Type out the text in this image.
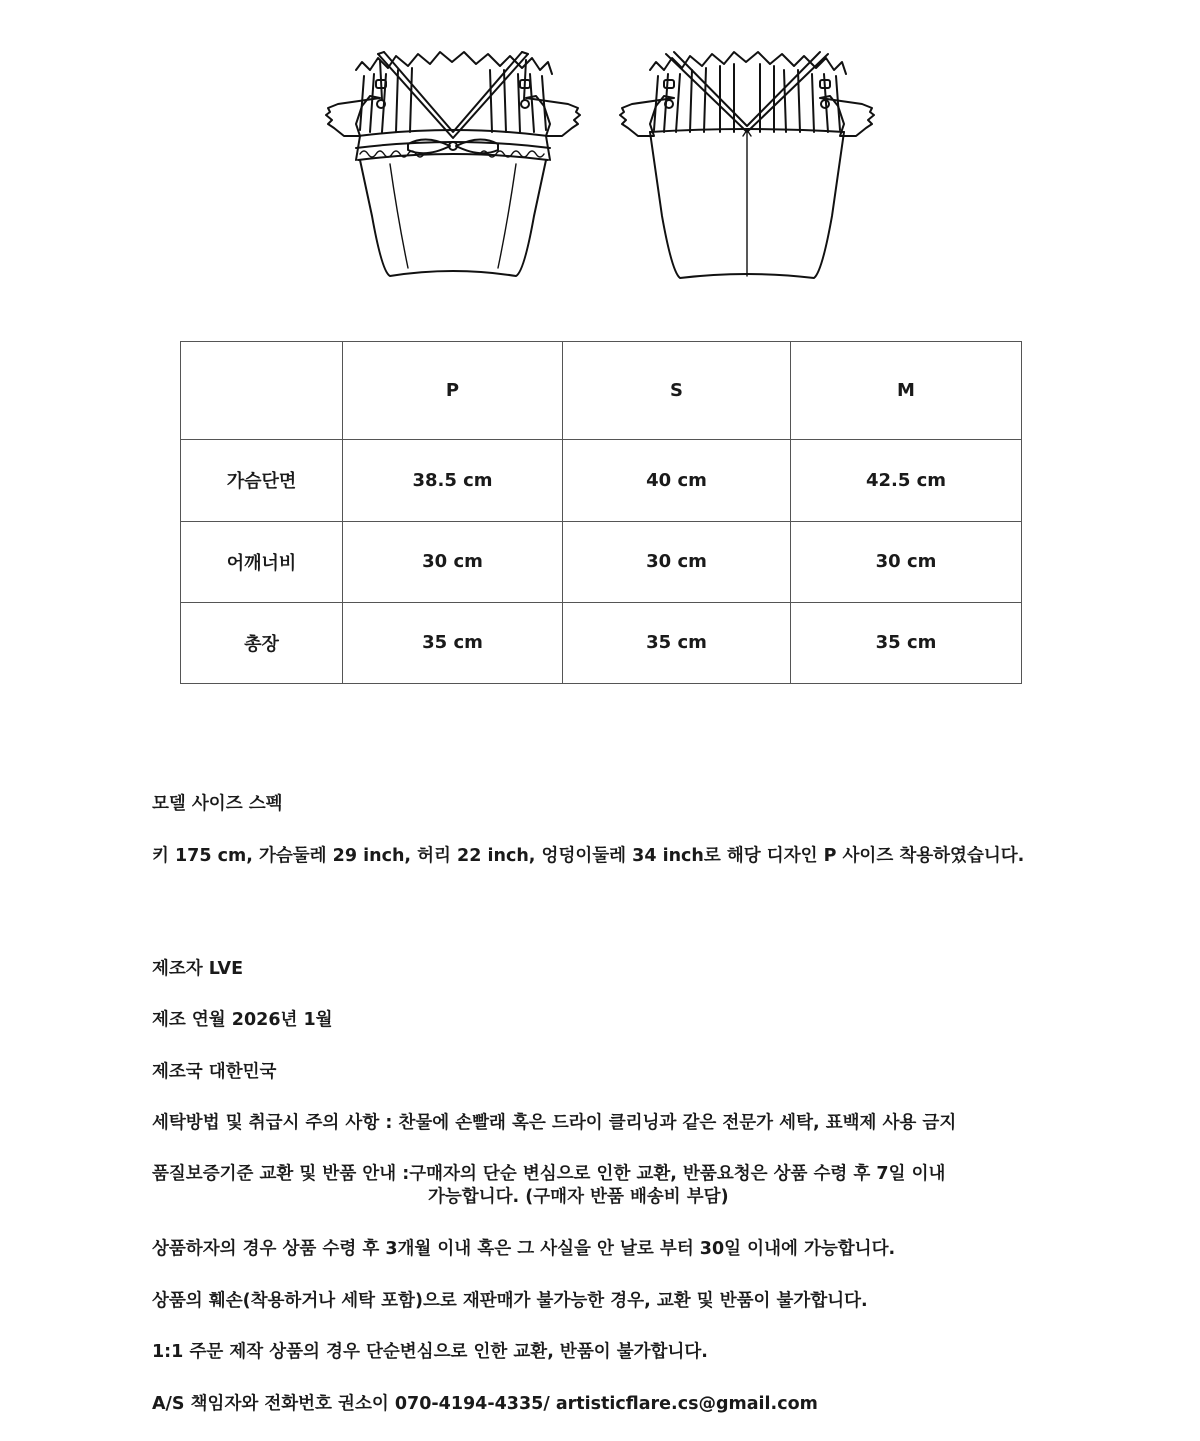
	P	S	M
가슴단면	38.5 cm	40 cm	42.5 cm
어깨너비	30 cm	30 cm	30 cm
총장	35 cm	35 cm	35 cm
모델 사이즈 스펙
키 175 cm, 가슴둘레 29 inch, 허리 22 inch, 엉덩이둘레 34 inch로 해당 디자인 P 사이즈 착용하였습니다.
제조자 LVE
제조 연월 2026년 1월
제조국 대한민국
세탁방법 및 취급시 주의 사항 : 찬물에 손빨래 혹은 드라이 클리닝과 같은 전문가 세탁, 표백제 사용 금지
품질보증기준 교환 및 반품 안내 :구매자의 단순 변심으로 인한 교환, 반품요청은 상품 수령 후 7일 이내
가능합니다. (구매자 반품 배송비 부담)
상품하자의 경우 상품 수령 후 3개월 이내 혹은 그 사실을 안 날로 부터 30일 이내에 가능합니다.
상품의 훼손(착용하거나 세탁 포함)으로 재판매가 불가능한 경우, 교환 및 반품이 불가합니다.
1:1 주문 제작 상품의 경우 단순변심으로 인한 교환, 반품이 불가합니다.
A/S 책임자와 전화번호 권소이 070-4194-4335/ artisticflare.cs@gmail.com
